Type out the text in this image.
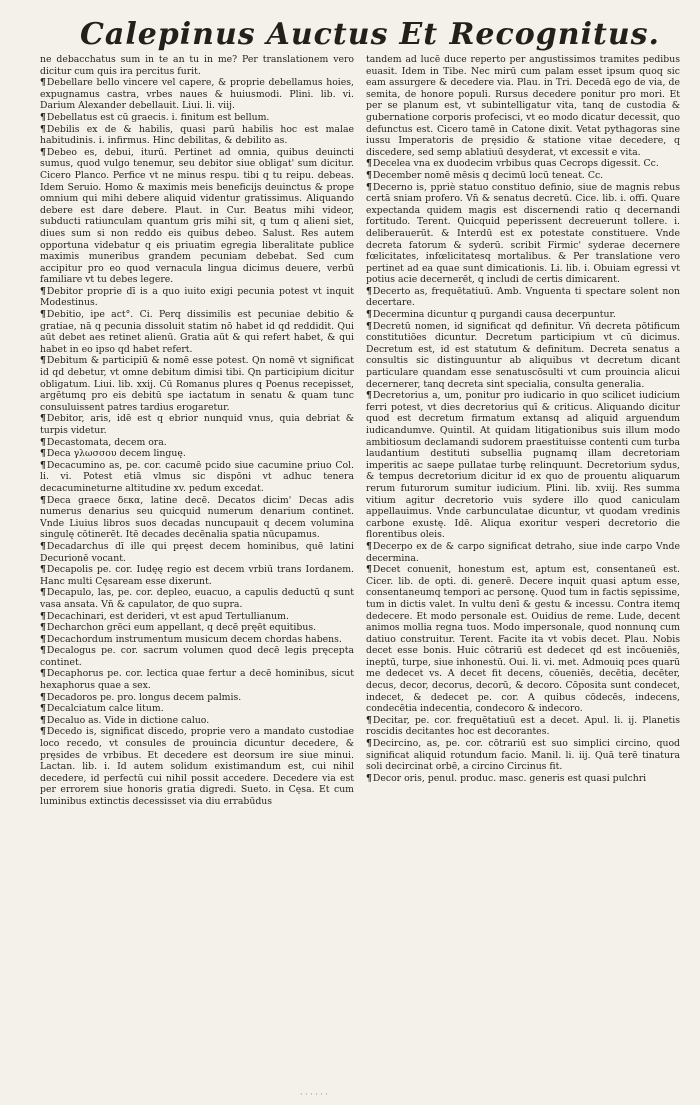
Calepinus Auctus Et Recognitus.

ne debacchatus sum in te an tu in me? Per translationem vero dicitur cum quis ira percitus furit.

¶ Debellare bello vincere vel capere, & proprie debellamus hoies, expugnamus castra, vrbes naues & huiusmodi. Plini. lib. vi. Darium Alexander debellauit. Liui. li. viij.

¶ Debellatus est cū graecis. i. finitum est bellum.

¶ Debilis ex de & habilis, quasi parū habilis hoc est malae habitudinis. i. infirmus. Hinc debilitas, & debilito as.

¶ Debeo es, debui, iturū. Pertinet ad omnia, quibus deuincti sumus, quod vulgo tenemur, seu debitor siue obligat' sum dicitur. Cicero Planco. Perfice vt ne minus respu. tibi q tu reipu. debeas. Idem Seruio. Homo & maximis meis beneficijs deuinctus & prope omnium qui mihi debere aliquid videntur gratissimus. Aliquando debere est dare debere. Plaut. in Cur. Beatus mihi videor, subducti ratiunculam quantum gris mihi sit, q tum q alieni siet, diues sum si non reddo eis quibus debeo. Salust. Res autem opportuna videbatur q eis priuatim egregia liberalitate publice maximis muneribus grandem pecuniam debebat. Sed cum accipitur pro eo quod vernacula lingua dicimus deuere, verbū familiare vt tu debes legere.

¶ Debitor proprie dī is a quo iuito exigi pecunia potest vt inquit Modestinus.

¶ Debitio, ipe act°. Ci. Perq dissimilis est pecuniae debitio & gratiae, nā q pecunia dissoluit statim nō habet id qd reddidit. Qui aūt debet aes retinet alienū. Gratia aūt & qui refert habet, & qui habet in eo ipso qd habet refert.

¶ Debitum & participiū & nomē esse potest. Qn nomē vt significat id qd debetur, vt omne debitum dimisi tibi. Qn participium dicitur obligatum. Liui. lib. xxij. Cū Romanus plures q Poenus recepisset, argētumq pro eis debitū spe iactatum in senatu & quam tunc consuluissent patres tardius erogaretur.

¶ Debitor, aris, idē est q ebrior nunquid vnus, quia debriat & turpis videtur.

¶ Decastomata, decem ora.

¶ Deca γλωσσου decem linguę.

¶ Decacumino as, pe. cor. cacumē pcido siue cacumine priuo Col. li. vi. Potest etiā vlmus sic dispōni vt adhuc tenera decacumineturne altitudine xv. pedum excedat.

¶ Deca graece δεκα, latine decē. Decatos dicim' Decas adis numerus denarius seu quicquid numerum denarium continet. Vnde Liuius libros suos decadas nuncupauit q decem volumina singulę cōtinerēt. Itē decades decēnalia spatia nūcupamus.

¶ Decadarchus dī ille qui pręest decem hominibus, quē latini Decurionē vocant.

¶ Decapolis pe. cor. Iudęę regio est decem vrbiū trans Iordanem. Hanc multi Cęsaream esse dixerunt.

¶ Decapulo, las, pe. cor. depleo, euacuo, a capulis deductū q sunt vasa ansata. Vn̄ & capulator, de quo supra.

¶ Decachinari, est derideri, vt est apud Tertullianum.

¶ Decharchon grēci eum appellant, q decē pręēt equitibus.

¶ Decachordum instrumentum musicum decem chordas habens.

¶ Decalogus pe. cor. sacrum volumen quod decē legis pręcepta continet.

¶ Decaphorus pe. cor. lectica quae fertur a decē hominibus, sicut hexaphorus quae a sex.

¶ Decadoros pe. pro. longus decem palmis.

¶ Decalciatum calce litum.

¶ Decaluo as. Vide in dictione caluo.

¶ Decedo is, significat discedo, proprie vero a mandato custodiae loco recedo, vt consules de prouincia dicuntur decedere, & pręsides de vrbibus. Et decedere est deorsum ire siue minui. Lactan. lib. i. Id autem solidum existimandum est, cui nihil decedere, id perfectū cui nihil possit accedere. Decedere via est per errorem siue honoris gratia digredi. Sueto. in Cęsa. Et cum luminibus extinctis decessisset via diu errabūdus

tandem ad lucē duce reperto per angustissimos tramites pedibus euasit. Idem in Tibe. Nec mirū cum palam esset ipsum quoq sic eam assurgere & decedere via. Plau. in Tri. Decedā ego de via, de semita, de honore populi. Rursus decedere ponitur pro mori. Et per se planum est, vt subintelligatur vita, tanq de custodia & gubernatione corporis profecisci, vt eo modo dicatur decessit, quo defunctus est. Cicero tamē in Catone dixit. Vetat pythagoras sine iussu Imperatoris de pręsidio & statione vitae decedere, q discedere, sed semp ablatiuū desyderat, vt excessit e vita.

¶ Decelea vna ex duodecim vrbibus quas Cecrops digessit. Cc.

¶ December nomē mēsis q decimū locū teneat. Cc.

¶ Decerno is, ppriè statuo constituo definio, siue de magnis rebus certā sniam profero. Vn̄ & senatus decretū. Cice. lib. i. offi. Quare expectanda quidem magis est discernendi ratio q decernandi fortitudo. Terent. Quicquid peperissent decreuerunt tollere. i. deliberauerūt. & Interdū est ex potestate constituere. Vnde decreta fatorum & syderū. scribit Firmic' syderae decernere fœlicitates, infœlicitatesq mortalibus. & Per translatione vero pertinet ad ea quae sunt dimicationis. Li. lib. i. Obuiam egressi vt potius acie decernerēt, q includi de certis dimicarent.

¶ Decerto as, frequētatiuū. Amb. Vnguenta ti spectare solent non decertare.

¶ Decermina dicuntur q purgandi causa decerpuntur.

¶ Decretū nomen, id significat qd definitur. Vn̄ decreta pōtificum constitutiōes dicuntur. Decretum participium vt cū dicimus. Decretum est, id est statutum & definitum. Decreta senatus a consultis sic distinguuntur ab aliquibus vt decretum dicant particulare quandam esse senatuscōsulti vt cum prouincia alicui decernerer, tanq decreta sint specialia, consulta generalia.

¶ Decretorius a, um, ponitur pro iudicario in quo scilicet iudicium ferri potest, vt dies decretorius quī & criticus. Aliquando dicitur quod est decretum firmatum extansq ad aliquid arguendum iudicandumve. Quintil. At quidam litigationibus suis illum modo ambitiosum declamandi sudorem praestituisse contenti cum turba laudantium destituti subsellia pugnamq illam decretoriam imperitis ac saepe pullatae turbę relinquunt. Decretorium sydus, & tempus decretorium dicitur id ex quo de prouentu aliquarum rerum futurorum sumitur iudicium. Plini. lib. xviij. Res summa vitium agitur decretorio vuis sydere illo quod caniculam appellauimus. Vnde carbunculatae dicuntur, vt quodam vredinis carbone exustę. Idē. Aliqua exoritur vesperi decretorio die florentibus oleis.

¶ Decerpo ex de & carpo significat detraho, siue inde carpo Vnde decermina.

¶ Decet conuenit, honestum est, aptum est, consentaneū est. Cicer. lib. de opti. di. generē. Decere inquit quasi aptum esse, consentaneumq tempori ac personę. Quod tum in factis sępissime, tum in dictis valet. In vultu denī & gestu & incessu. Contra itemq dedecere. Et modo personale est. Ouidius de reme. Lude, decent animos mollia regna tuos. Modo impersonale, quod nonnunq cum datiuo construitur. Terent. Facite ita vt vobis decet. Plau. Nobis decet esse bonis. Huic cōtrariū est dedecet qd est incōueniēs, ineptū, turpe, siue inhonestū. Oui. li. vi. met. Admouiq pces quarū me dedecet vs. A decet fit decens, cōueniēs, decētia, decēter, decus, decor, decorus, decorū, & decoro. Cōposita sunt condecet, indecet, & dedecet pe. cor. A quibus cōdecēs, indecens, condecētia indecentia, condecoro & indecoro.

¶ Decitar, pe. cor. frequētatiuū est a decet. Apul. li. ij. Planetis roscidis decitantes hoc est decorantes.

¶ Decircino, as, pe. cor. cōtrariū est suo simplici circino, quod significat aliquid rotundum facio. Manil. li. iij. Quā terē tinatura soli decircinat orbē, a circino Circinus fit.

¶ Decor oris, penul. produc. masc. generis est quasi pulchri

· · · · · ·
